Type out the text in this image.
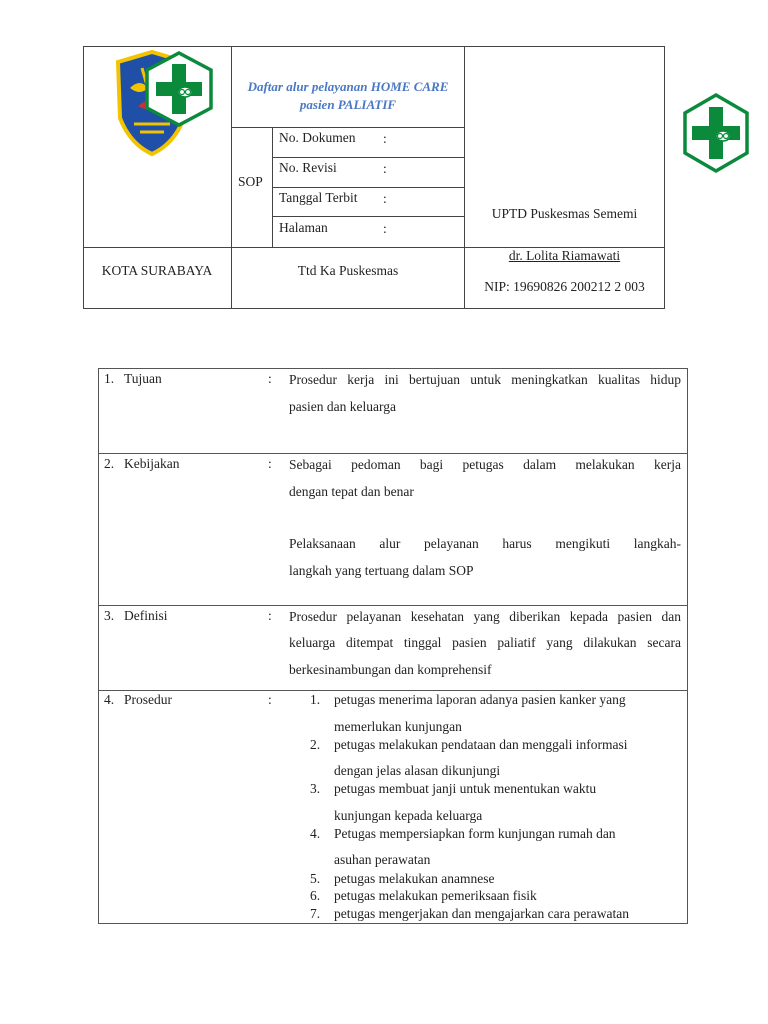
Daftar alur pelayanan HOME CARE
pasien PALIATIF
SOP
No. Dokumen :
No. Revisi	:
Tanggal Terbit :
Halaman	:
UPTD Puskesmas Sememi
KOTA SURABAYA	Ttd Ka Puskesmas
dr. Lolita Riamawati
NIP: 19690826 200212 2 003
1. Tujuan	: Prosedur kerja ini bertujuan untuk meningkatkan kualitas hidup
pasien dan keluarga
2. Kebijakan	: Sebagai pedoman bagi petugas dalam melakukan kerja
dengan tepat dan benar
Pelaksanaan alur pelayanan harus mengikuti langkah-
langkah yang tertuang dalam SOP
3. Definisi	: Prosedur pelayanan kesehatan yang diberikan kepada pasien dan
keluarga ditempat tinggal pasien paliatif yang dilakukan secara
berkesinambungan dan komprehensif
4. Prosedur	:	1. petugas menerima laporan adanya pasien kanker yang
memerlukan kunjungan
2. petugas melakukan pendataan dan menggali informasi
dengan jelas alasan dikunjungi
3. petugas membuat janji untuk menentukan waktu
kunjungan kepada keluarga
4. Petugas mempersiapkan form kunjungan rumah dan
asuhan perawatan
5. petugas melakukan anamnese
6. petugas melakukan pemeriksaan fisik
7. petugas mengerjakan dan mengajarkan cara perawatan
